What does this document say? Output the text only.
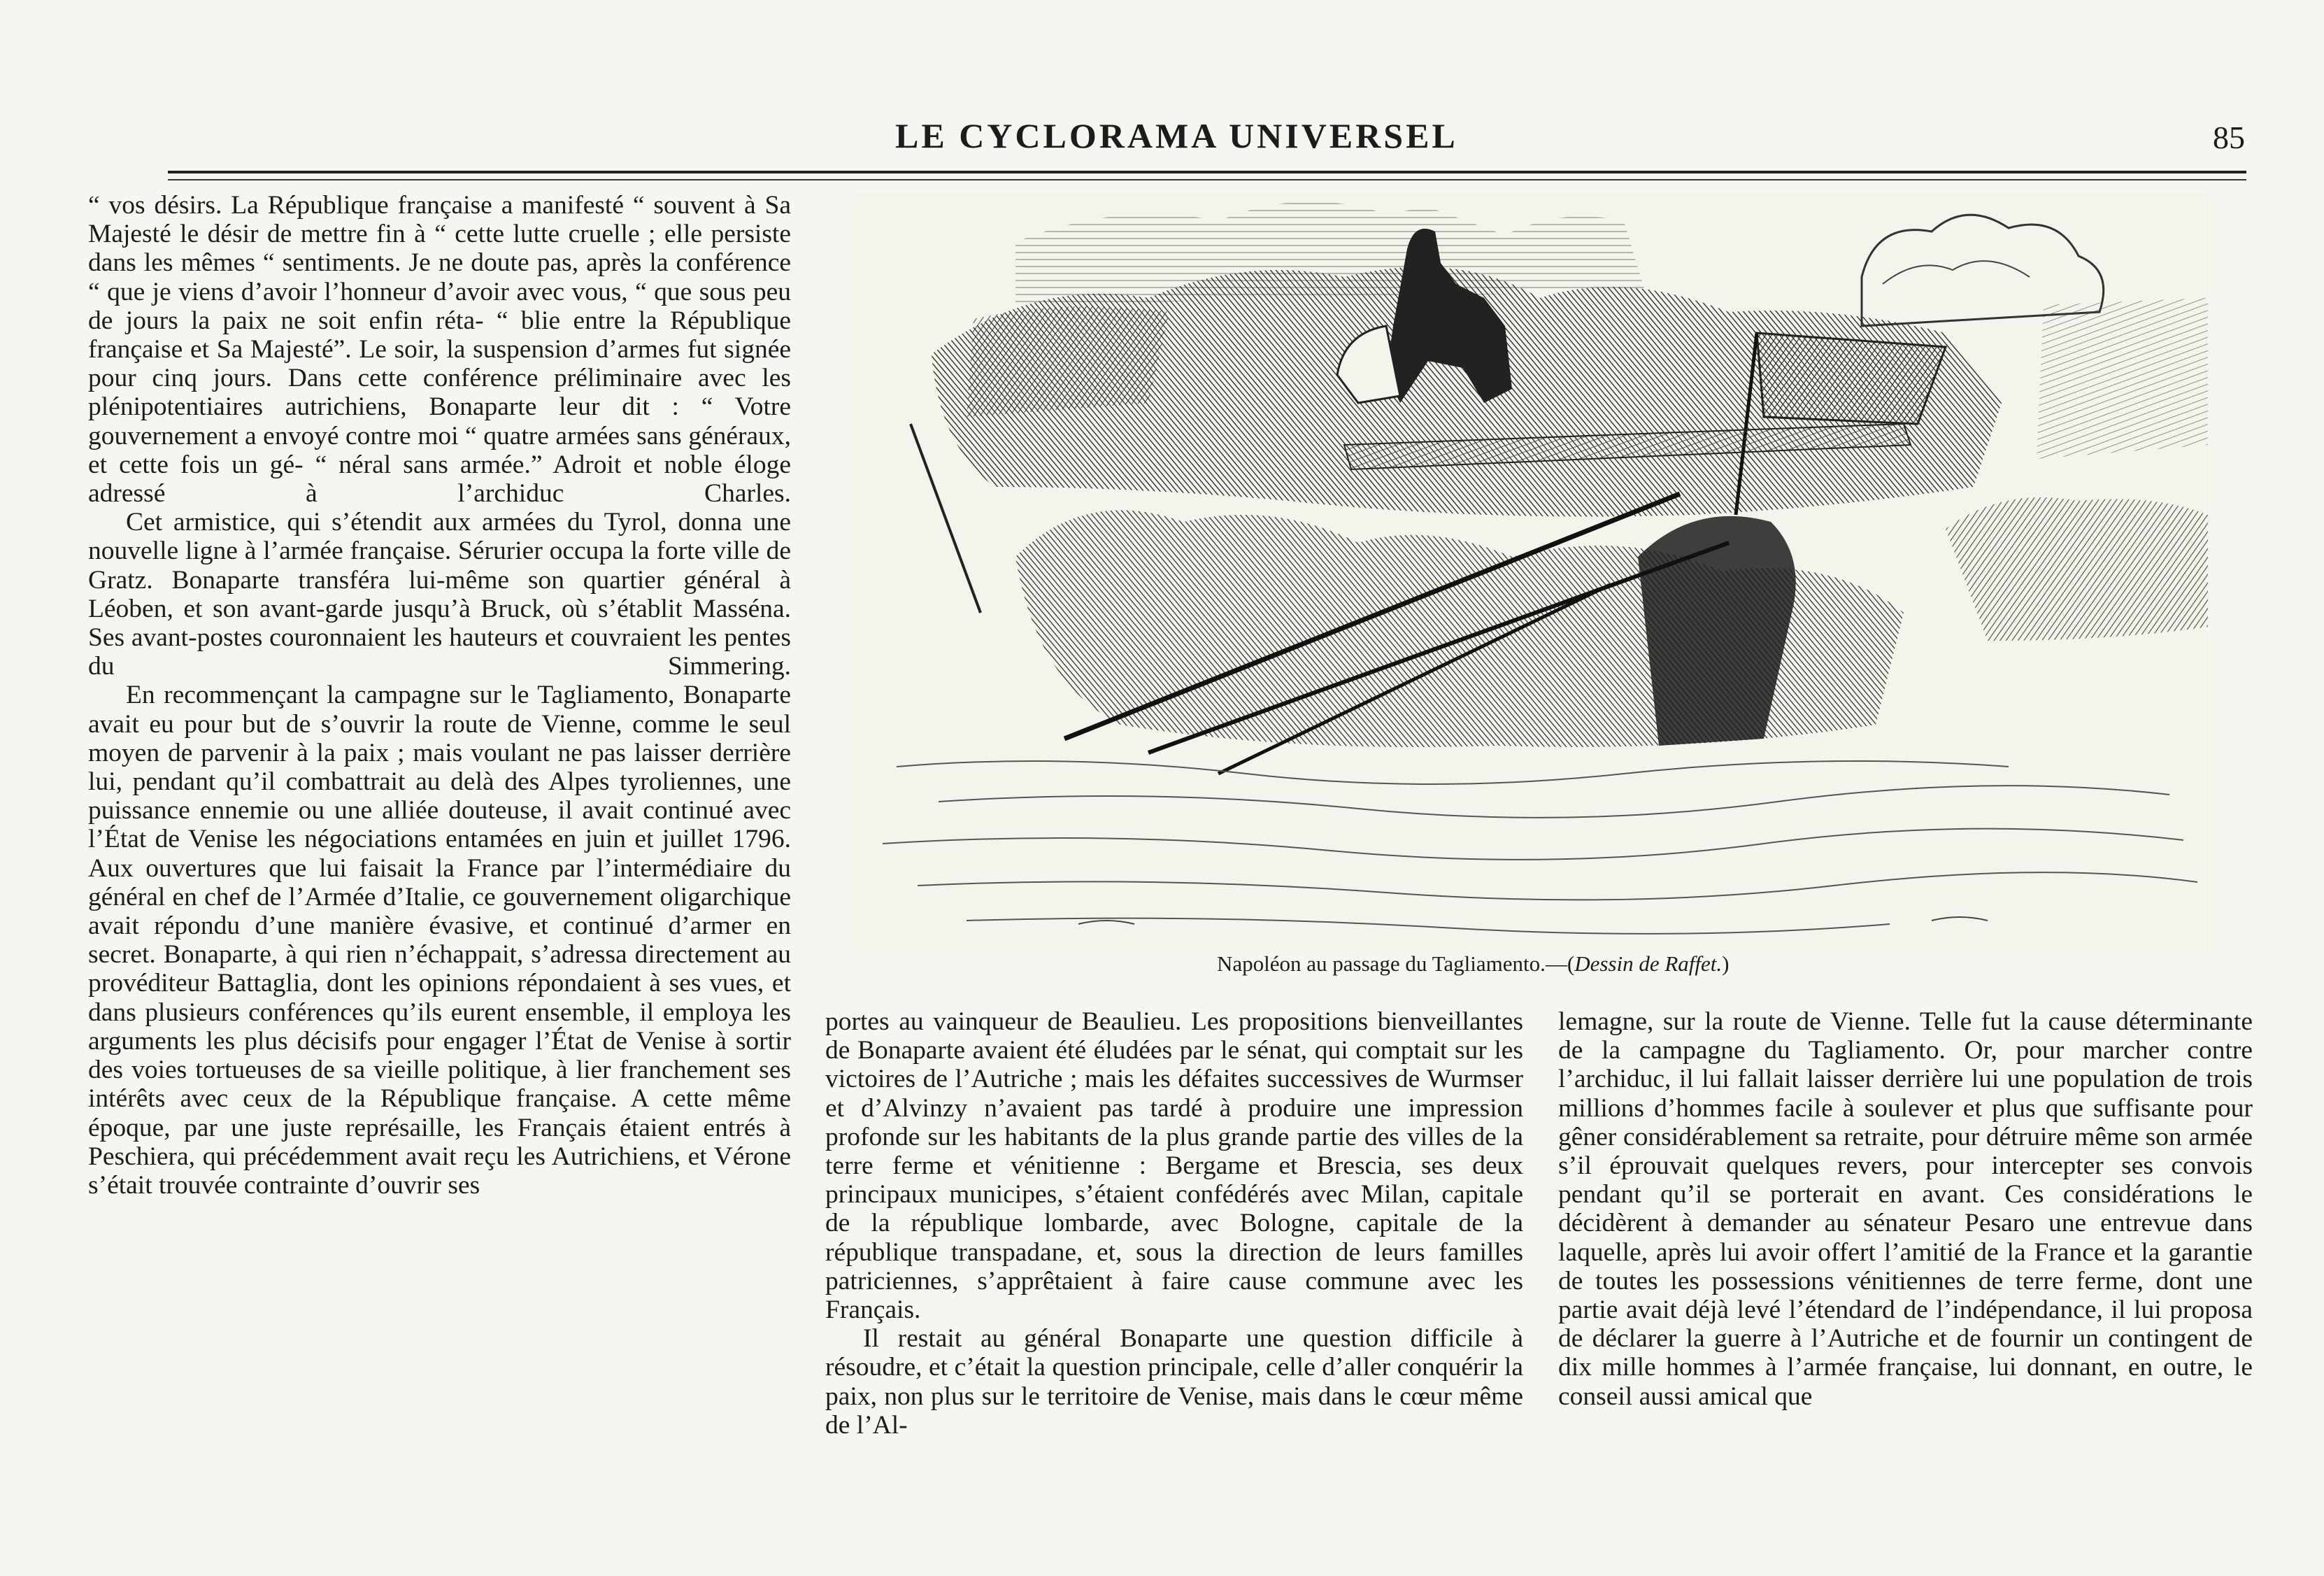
LE CYCLORAMA UNIVERSEL	85

“ vos désirs. La République française a manifesté “ souvent à Sa Majesté le désir de mettre fin à “ cette lutte cruelle ; elle persiste dans les mêmes “ sentiments. Je ne doute pas, après la conférence “ que je viens d’avoir l’honneur d’avoir avec vous, “ que sous peu de jours la paix ne soit enfin réta- “ blie entre la République française et Sa Majesté”. Le soir, la suspension d’armes fut signée pour cinq jours. Dans cette conférence préliminaire avec les plénipotentiaires autrichiens, Bonaparte leur dit : “ Votre gouvernement a envoyé contre moi “ quatre armées sans généraux, et cette fois un gé- “ néral sans armée.” Adroit et noble éloge adressé à l’archiduc Charles.

Cet armistice, qui s’étendit aux armées du Tyrol, donna une nouvelle ligne à l’armée française. Sérurier occupa la forte ville de Gratz. Bonaparte transféra lui-même son quartier général à Léoben, et son avant-garde jusqu’à Bruck, où s’établit Masséna. Ses avant-postes couronnaient les hauteurs et couvraient les pentes du Simmering.

En recommençant la campagne sur le Tagliamento, Bonaparte avait eu pour but de s’ouvrir la route de Vienne, comme le seul moyen de parvenir à la paix ; mais voulant ne pas laisser derrière lui, pendant qu’il combattrait au delà des Alpes tyroliennes, une puissance ennemie ou une alliée douteuse, il avait continué avec l’État de Venise les négociations entamées en juin et juillet 1796. Aux ouvertures que lui faisait la France par l’intermédiaire du général en chef de l’Armée d’Italie, ce gouvernement oligarchique avait répondu d’une manière évasive, et continué d’armer en secret. Bonaparte, à qui rien n’échappait, s’adressa directement au provéditeur Battaglia, dont les opinions répondaient à ses vues, et dans plusieurs conférences qu’ils eurent ensemble, il employa les arguments les plus décisifs pour engager l’État de Venise à sortir des voies tortueuses de sa vieille politique, à lier franchement ses intérêts avec ceux de la République française. A cette même époque, par une juste représaille, les Français étaient entrés à Peschiera, qui précédemment avait reçu les Autrichiens, et Vérone s’était trouvée contrainte d’ouvrir ses

Napoléon au passage du Tagliamento.—(Dessin de Raffet.)

portes au vainqueur de Beaulieu. Les propositions bienveillantes de Bonaparte avaient été éludées par le sénat, qui comptait sur les victoires de l’Autriche ; mais les défaites successives de Wurmser et d’Alvinzy n’avaient pas tardé à produire une impression profonde sur les habitants de la plus grande partie des villes de la terre ferme et vénitienne : Bergame et Brescia, ses deux principaux municipes, s’étaient confédérés avec Milan, capitale de la république lombarde, avec Bologne, capitale de la république transpadane, et, sous la direction de leurs familles patriciennes, s’apprêtaient à faire cause commune avec les Français.

Il restait au général Bonaparte une question difficile à résoudre, et c’était la question principale, celle d’aller conquérir la paix, non plus sur le territoire de Venise, mais dans le cœur même de l’Al-

lemagne, sur la route de Vienne. Telle fut la cause déterminante de la campagne du Tagliamento. Or, pour marcher contre l’archiduc, il lui fallait laisser derrière lui une population de trois millions d’hommes facile à soulever et plus que suffisante pour gêner considérablement sa retraite, pour détruire même son armée s’il éprouvait quelques revers, pour intercepter ses convois pendant qu’il se porterait en avant. Ces considérations le décidèrent à demander au sénateur Pesaro une entrevue dans laquelle, après lui avoir offert l’amitié de la France et la garantie de toutes les possessions vénitiennes de terre ferme, dont une partie avait déjà levé l’étendard de l’indépendance, il lui proposa de déclarer la guerre à l’Autriche et de fournir un contingent de dix mille hommes à l’armée française, lui donnant, en outre, le conseil aussi amical que
